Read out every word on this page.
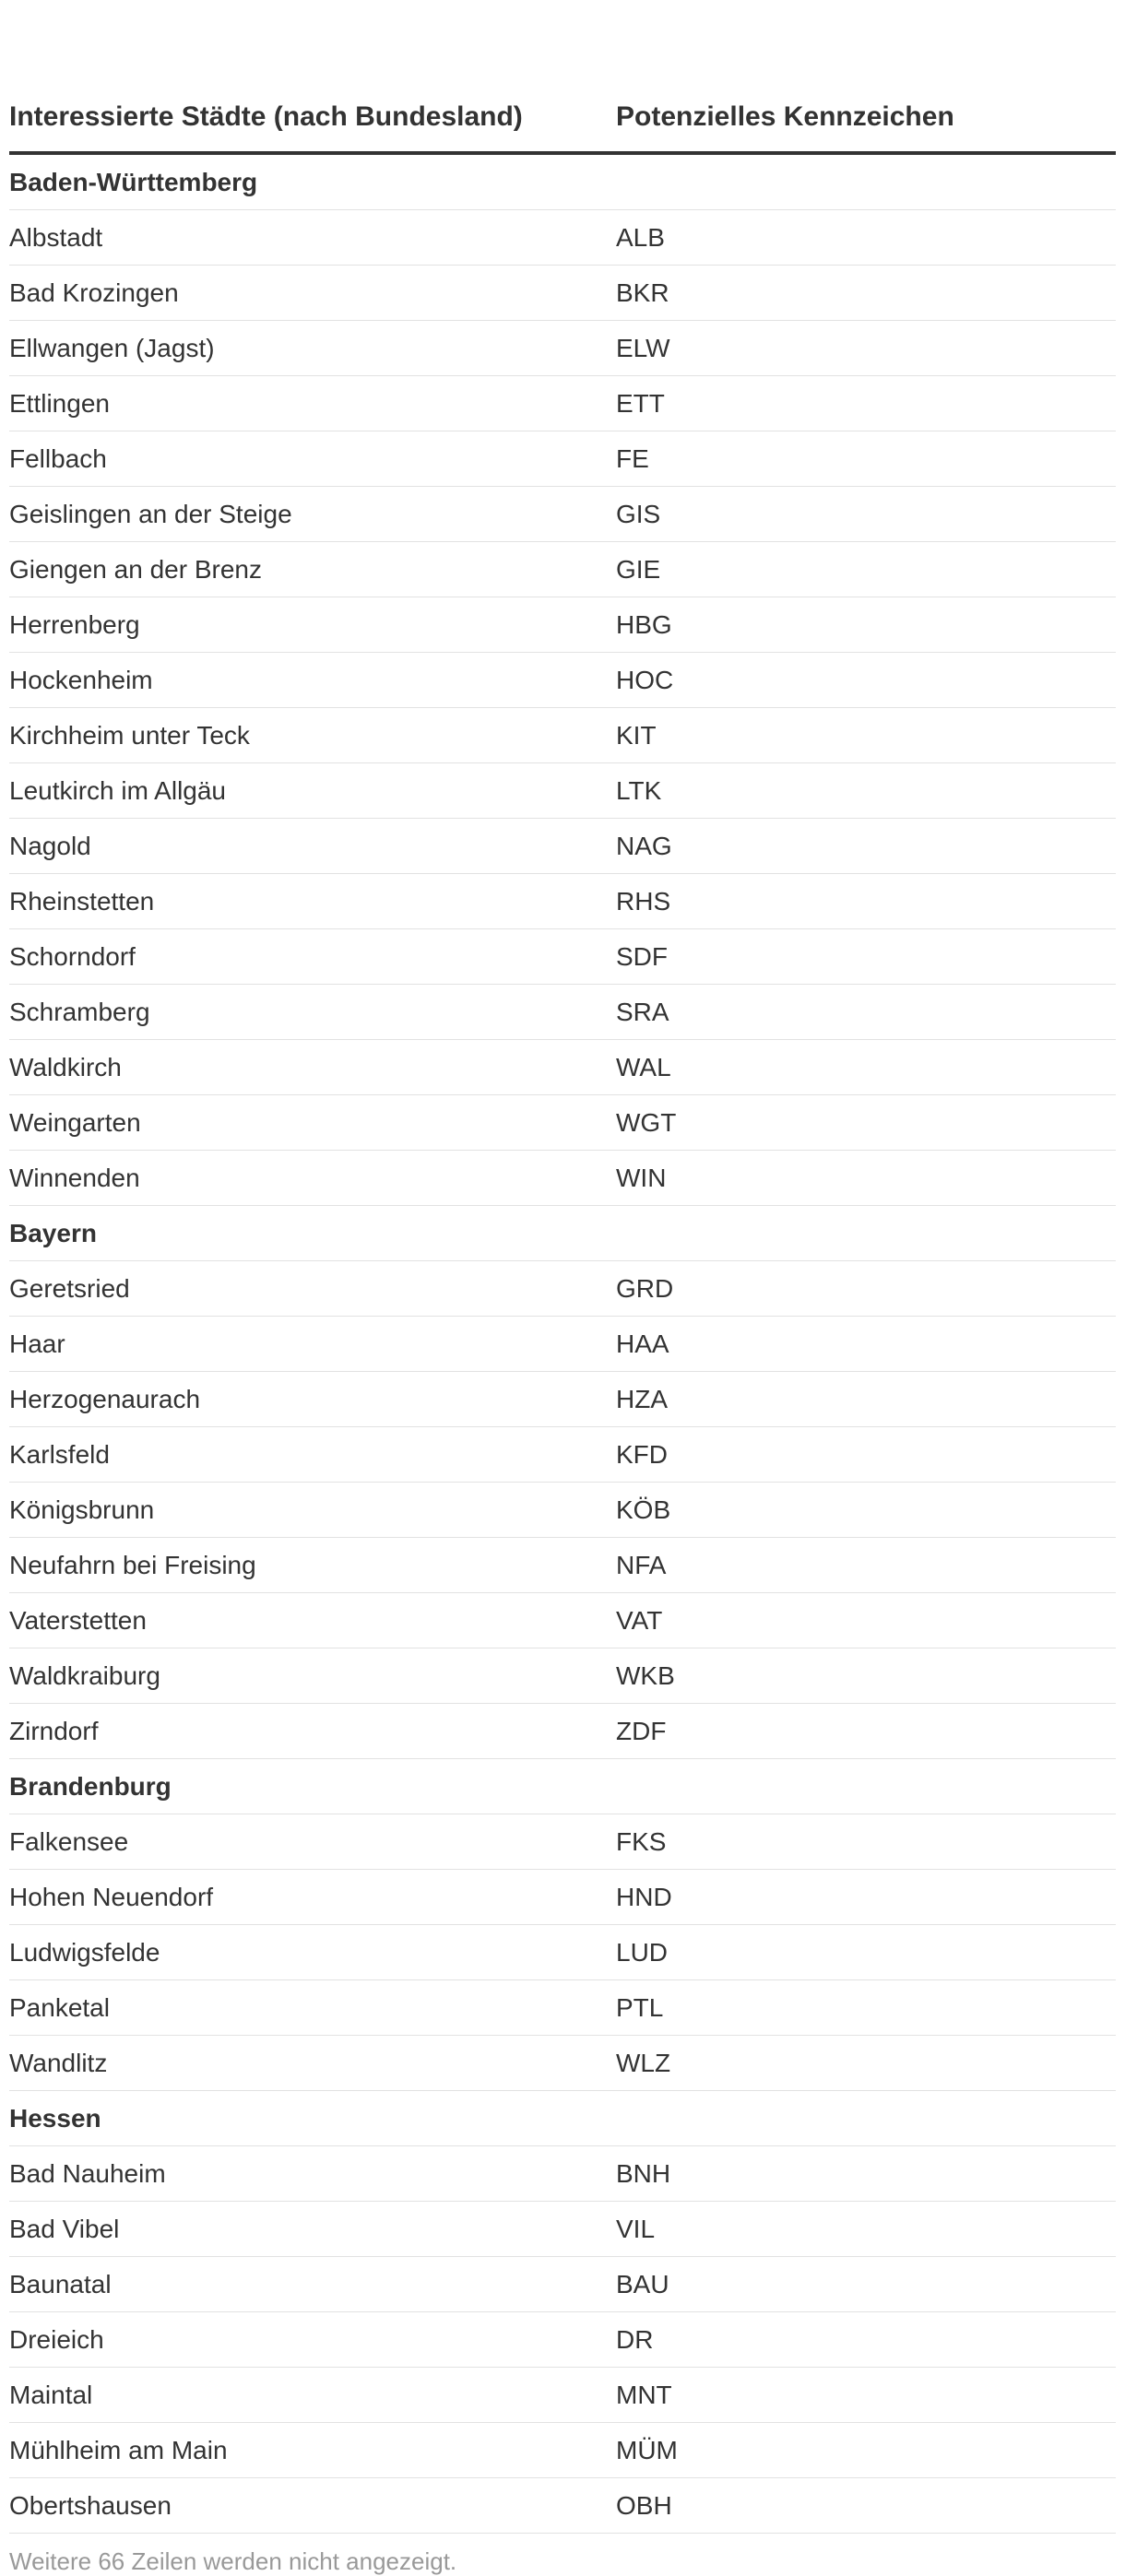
Interessierte Städte (nach Bundesland)	Potenzielles Kennzeichen
Baden-Württemberg	
Albstadt	ALB
Bad Krozingen	BKR
Ellwangen (Jagst)	ELW
Ettlingen	ETT
Fellbach	FE
Geislingen an der Steige	GIS
Giengen an der Brenz	GIE
Herrenberg	HBG
Hockenheim	HOC
Kirchheim unter Teck	KIT
Leutkirch im Allgäu	LTK
Nagold	NAG
Rheinstetten	RHS
Schorndorf	SDF
Schramberg	SRA
Waldkirch	WAL
Weingarten	WGT
Winnenden	WIN
Bayern	
Geretsried	GRD
Haar	HAA
Herzogenaurach	HZA
Karlsfeld	KFD
Königsbrunn	KÖB
Neufahrn bei Freising	NFA
Vaterstetten	VAT
Waldkraiburg	WKB
Zirndorf	ZDF
Brandenburg	
Falkensee	FKS
Hohen Neuendorf	HND
Ludwigsfelde	LUD
Panketal	PTL
Wandlitz	WLZ
Hessen	
Bad Nauheim	BNH
Bad Vibel	VIL
Baunatal	BAU
Dreieich	DR
Maintal	MNT
Mühlheim am Main	MÜM
Obertshausen	OBH
Weitere 66 Zeilen werden nicht angezeigt.
